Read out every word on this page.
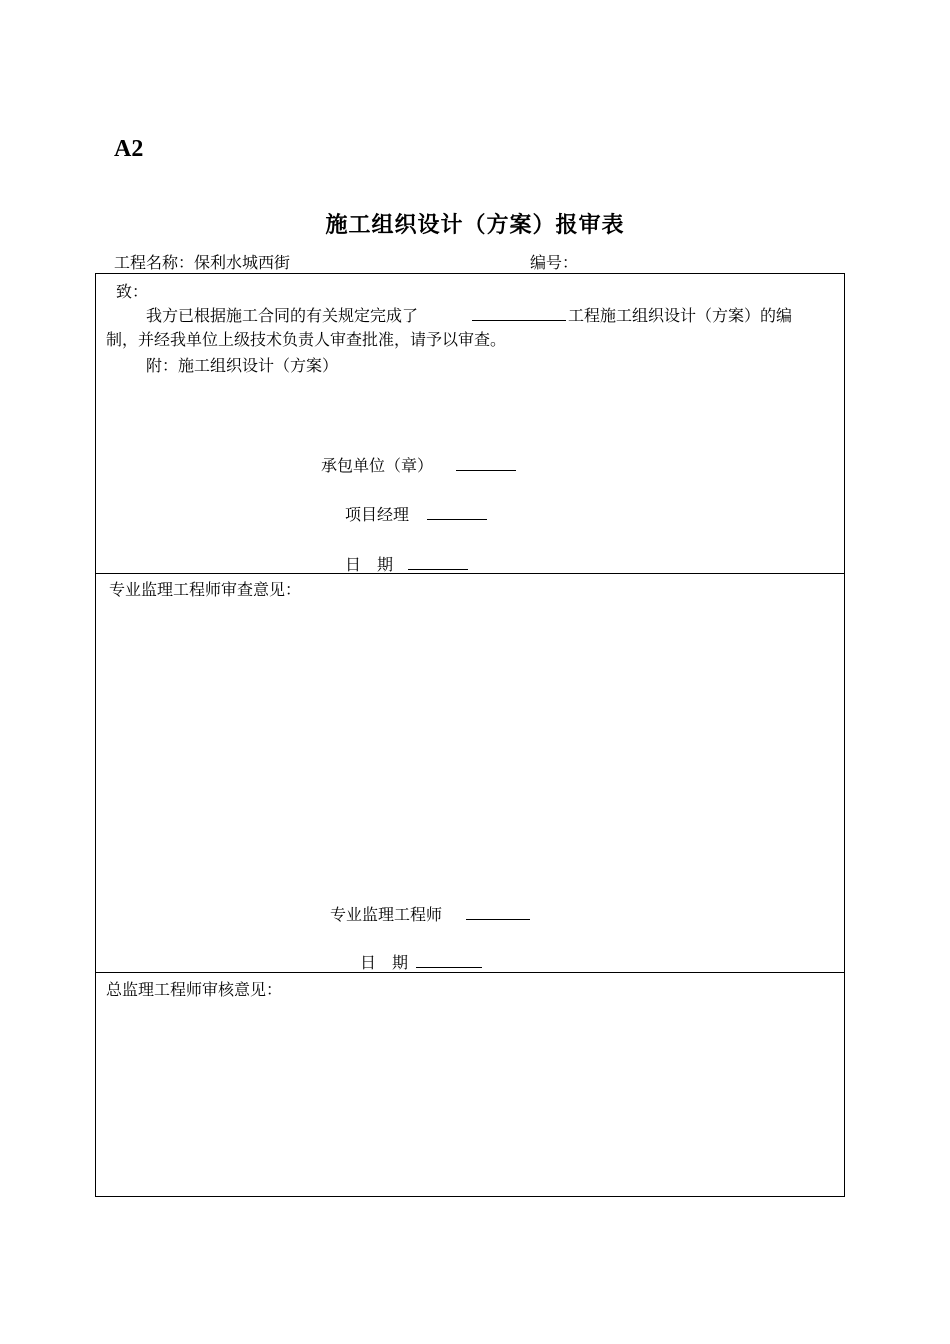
A2
施工组织设计（方案）报审表
工程名称：保利水城西街	编号：
致：
我方已根据施工合同的有关规定完成了	工程施工组织设计（方案）的编
制，并经我单位上级技术负责人审查批准，请予以审查。
附：施工组织设计（方案）
承包单位（章）
项目经理
日　期
专业监理工程师审查意见：
专业监理工程师
日　期
总监理工程师审核意见：
